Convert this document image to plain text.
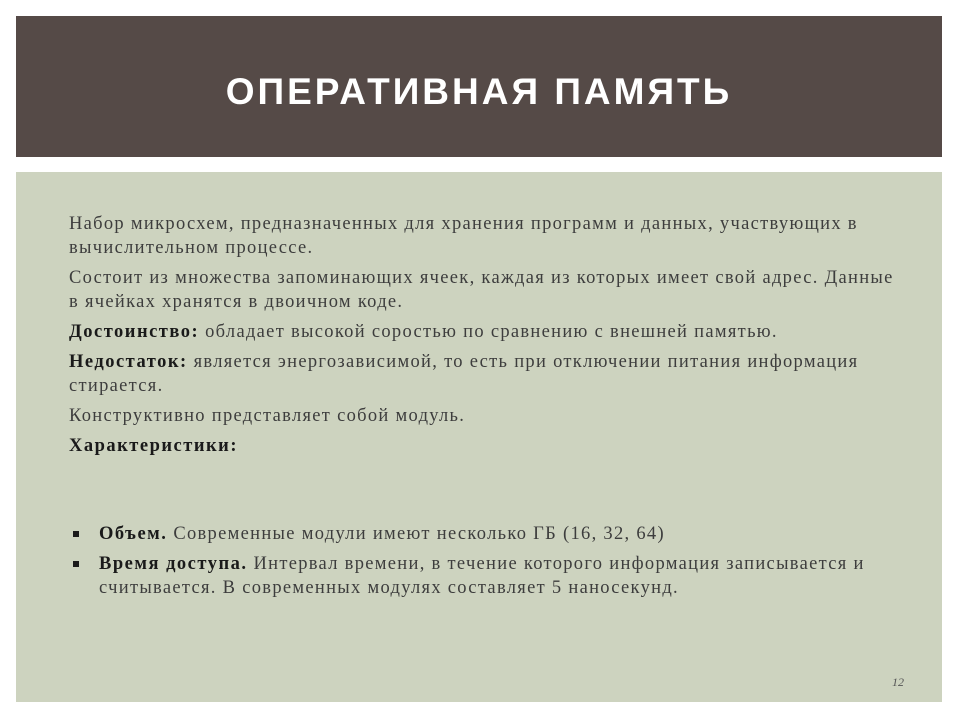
ОПЕРАТИВНАЯ ПАМЯТЬ

Набор микросхем, предназначенных для хранения программ и данных, участвующих в вычислительном процессе.

Состоит из множества запоминающих ячеек, каждая из которых имеет свой адрес. Данные в ячейках хранятся в двоичном коде.

Достоинство: обладает высокой соростью по сравнению с внешней памятью.

Недостаток: является энергозависимой, то есть при отключении питания информация стирается.

Конструктивно представляет собой модуль.

Характеристики:

Объем. Современные модули имеют несколько ГБ (16, 32, 64)
Время доступа. Интервал времени, в течение которого информация записывается и считывается. В современных модулях составляет 5 наносекунд.
12
